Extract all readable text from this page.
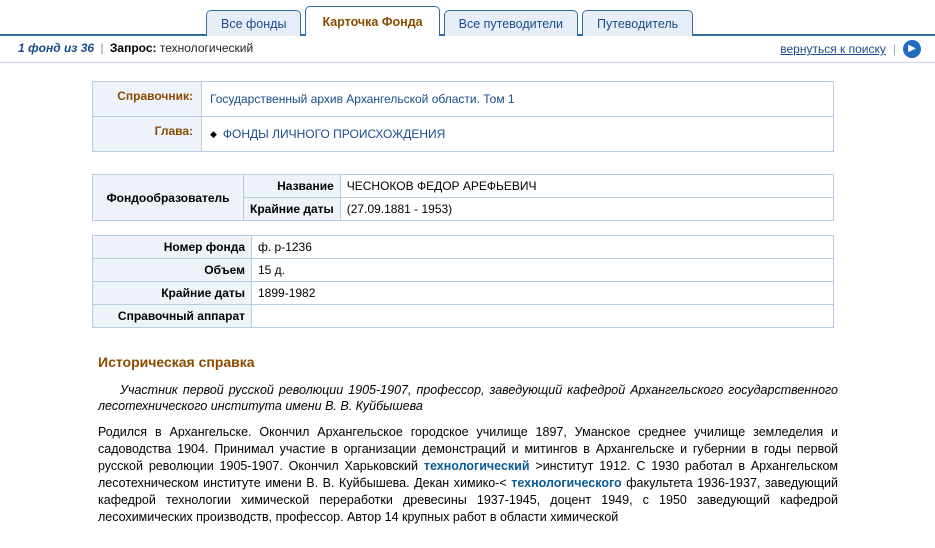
Все фонды	Карточка Фонда	Все путеводители	Путеводитель
1 фонд из 36 | Запрос: технологический	вернуться к поиску |	▶
Справочник:	Государственный архив Архангельской области. Том 1
Глава:	◆ ФОНДЫ ЛИЧНОГО ПРОИСХОЖДЕНИЯ
Фондообразователь	Название	ЧЕСНОКОВ ФЕДОР АРЕФЬЕВИЧ
	Крайние даты	(27.09.1881 - 1953)
Номер фонда	ф. р-1236
Объем	15 д.
Крайние даты	1899-1982
Справочный аппарат	
Историческая справка

Участник первой русской революции 1905-1907, профессор, заведующий кафедрой Архангельского государственного лесотехнического института имени В. В. Куйбышева

Родился в Архангельске. Окончил Архангельское городское училище 1897, Уманское среднее училище земледелия и садоводства 1904. Принимал участие в организации демонстраций и митингов в Архангельске и губернии в годы первой русской революции 1905-1907. Окончил Харьковский технологический >институт 1912. С 1930 работал в Архангельском лесотехническом институте имени В. В. Куйбышева. Декан химико-< технологического факультета 1936-1937, заведующий кафедрой технологии химической переработки древесины 1937-1945, доцент 1949, с 1950 заведующий кафедрой лесохимических производств, профессор. Автор 14 крупных работ в области химической
